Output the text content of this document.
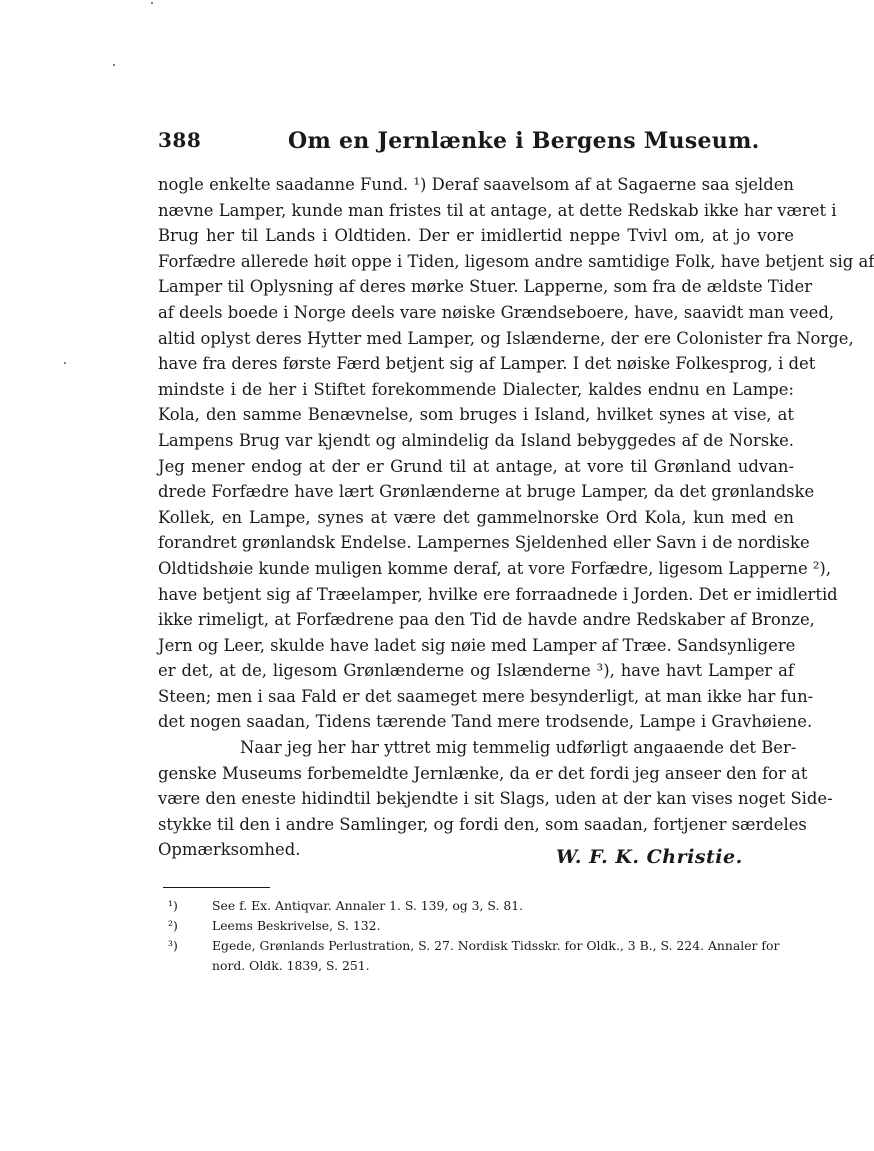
388	Om en Jernlænke i Bergens Museum.
nogle enkelte saadanne Fund. ¹) Deraf saavelsom af at Sagaerne saa sjelden
nævne Lamper, kunde man fristes til at antage, at dette Redskab ikke har været i
Brug her til Lands i Oldtiden. Der er imidlertid neppe Tvivl om, at jo vore
Forfædre allerede høit oppe i Tiden, ligesom andre samtidige Folk, have betjent sig af
Lamper til Oplysning af deres mørke Stuer. Lapperne, som fra de ældste Tider
af deels boede i Norge deels vare nøiske Grændseboere, have, saavidt man veed,
altid oplyst deres Hytter med Lamper, og Islænderne, der ere Colonister fra Norge,
have fra deres første Færd betjent sig af Lamper. I det nøiske Folkesprog, i det
mindste i de her i Stiftet forekommende Dialecter, kaldes endnu en Lampe:
Kola, den samme Benævnelse, som bruges i Island, hvilket synes at vise, at
Lampens Brug var kjendt og almindelig da Island bebyggedes af de Norske.
Jeg mener endog at der er Grund til at antage, at vore til Grønland udvan-
drede Forfædre have lært Grønlænderne at bruge Lamper, da det grønlandske
Kollek, en Lampe, synes at være det gammelnorske Ord Kola, kun med en
forandret grønlandsk Endelse. Lampernes Sjeldenhed eller Savn i de nordiske
Oldtidshøie kunde muligen komme deraf, at vore Forfædre, ligesom Lapperne ²),
have betjent sig af Træelamper, hvilke ere forraadnede i Jorden. Det er imidlertid
ikke rimeligt, at Forfædrene paa den Tid de havde andre Redskaber af Bronze,
Jern og Leer, skulde have ladet sig nøie med Lamper af Træe. Sandsynligere
er det, at de, ligesom Grønlænderne og Islænderne ³), have havt Lamper af
Steen; men i saa Fald er det saameget mere besynderligt, at man ikke har fun-
det nogen saadan, Tidens tærende Tand mere trodsende, Lampe i Gravhøiene.
Naar jeg her har yttret mig temmelig udførligt angaaende det Ber-
genske Museums forbemeldte Jernlænke, da er det fordi jeg anseer den for at
være den eneste hidindtil bekjendte i sit Slags, uden at der kan vises noget Side-
stykke til den i andre Samlinger, og fordi den, som saadan, fortjener særdeles
Opmærksomhed.	W. F. K. Christie.
¹)	See f. Ex. Antiqvar. Annaler 1. S. 139, og 3, S. 81.
²)	Leems Beskrivelse, S. 132.
³)	Egede, Grønlands Perlustration, S. 27. Nordisk Tidsskr. for Oldk., 3 B., S. 224. Annaler for
nord. Oldk. 1839, S. 251.
